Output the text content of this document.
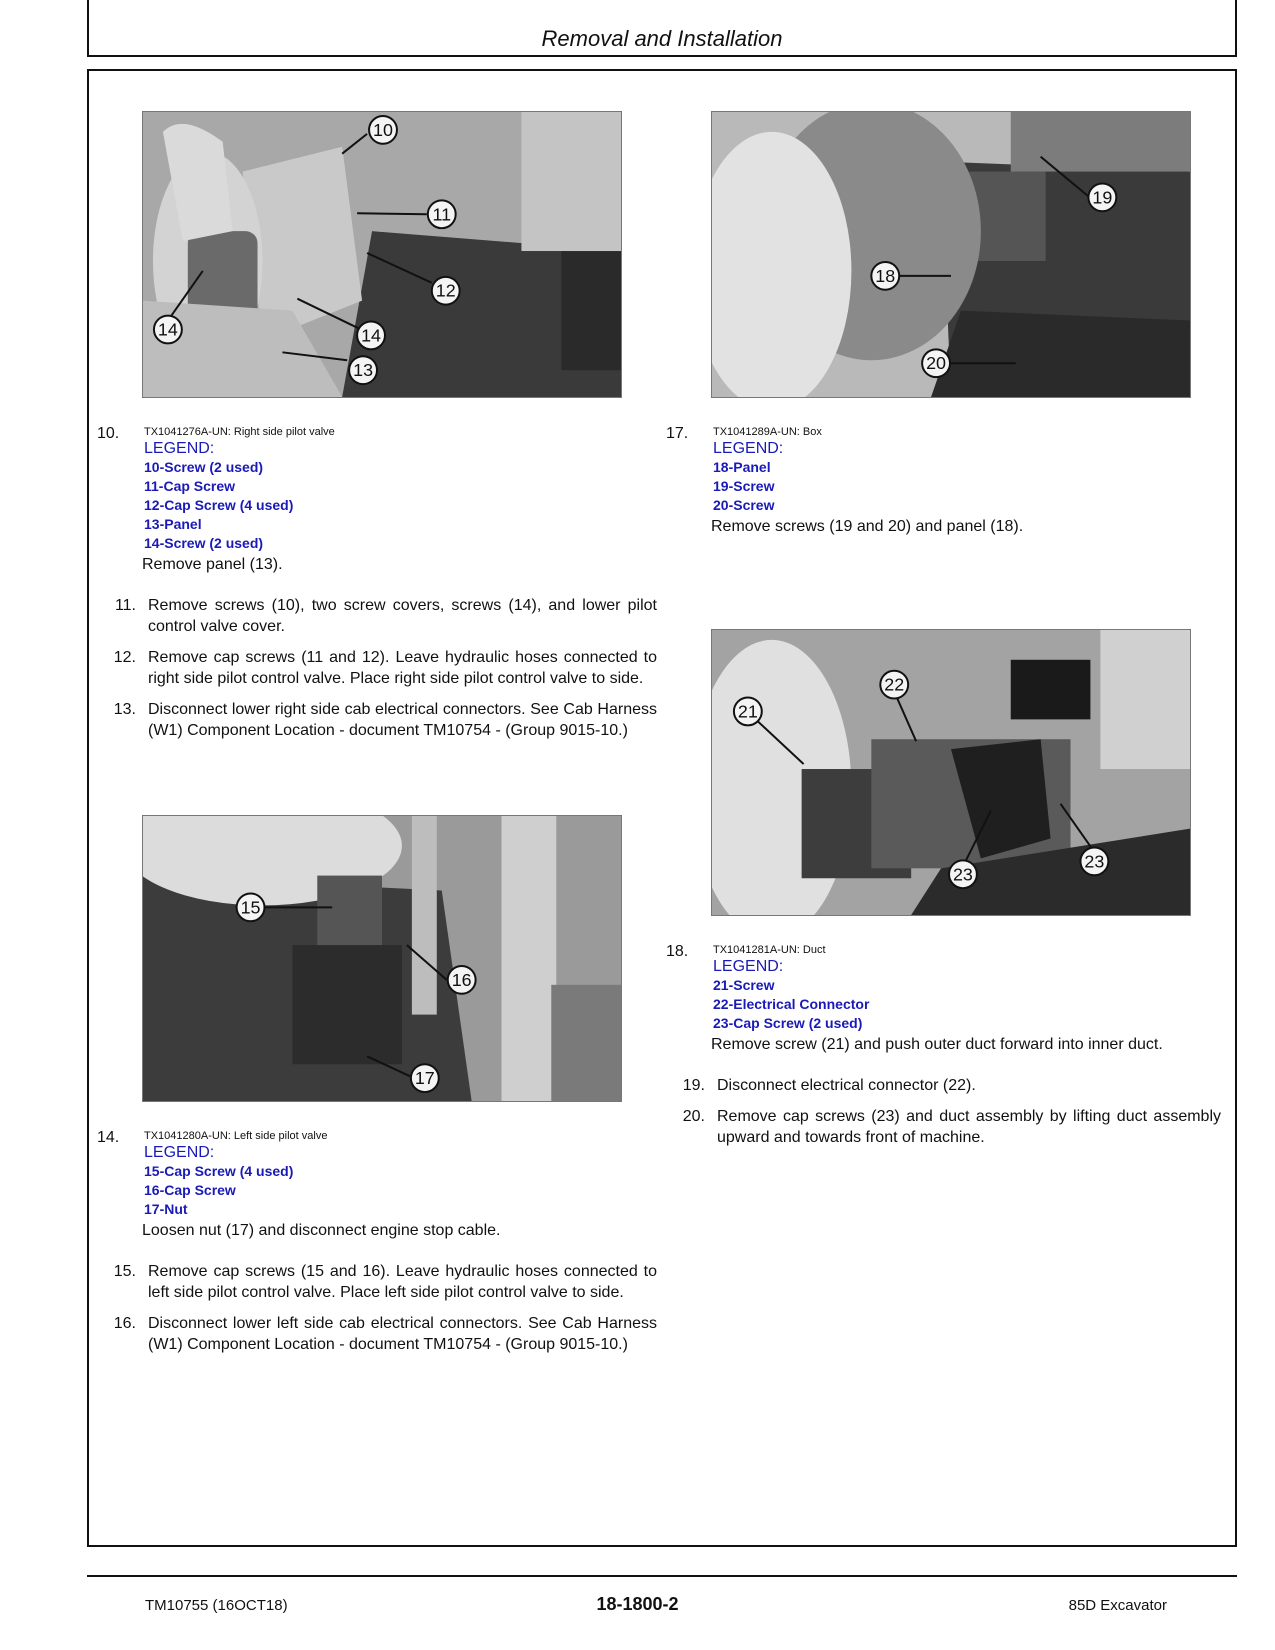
Removal and Installation
10
11
12
14	14
13
10. TX1041276A-UN: Right side pilot valve
LEGEND:
10-Screw (2 used)
11-Cap Screw
12-Cap Screw (4 used)
13-Panel
14-Screw (2 used)
Remove panel (13).
11. Remove screws (10), two screw covers, screws (14), and lower pilot control valve cover.
12. Remove cap screws (11 and 12). Leave hydraulic hoses connected to right side pilot control valve. Place right side pilot control valve to side.
13. Disconnect lower right side cab electrical connectors. See Cab Harness (W1) Component Location - document TM10754 - (Group 9015-10.)
15
16
17
14. TX1041280A-UN: Left side pilot valve
LEGEND:
15-Cap Screw (4 used)
16-Cap Screw
17-Nut
Loosen nut (17) and disconnect engine stop cable.
15. Remove cap screws (15 and 16). Leave hydraulic hoses connected to left side pilot control valve. Place left side pilot control valve to side.
16. Disconnect lower left side cab electrical connectors. See Cab Harness (W1) Component Location - document TM10754 - (Group 9015-10.)
19
18
20
17. TX1041289A-UN: Box
LEGEND:
18-Panel
19-Screw
20-Screw
Remove screws (19 and 20) and panel (18).
22
21
23
23
18. TX1041281A-UN: Duct
LEGEND:
21-Screw
22-Electrical Connector
23-Cap Screw (2 used)
Remove screw (21) and push outer duct forward into inner duct.
19. Disconnect electrical connector (22).
20. Remove cap screws (23) and duct assembly by lifting duct assembly upward and towards front of machine.
TM10755 (16OCT18)	18-1800-2	85D Excavator
